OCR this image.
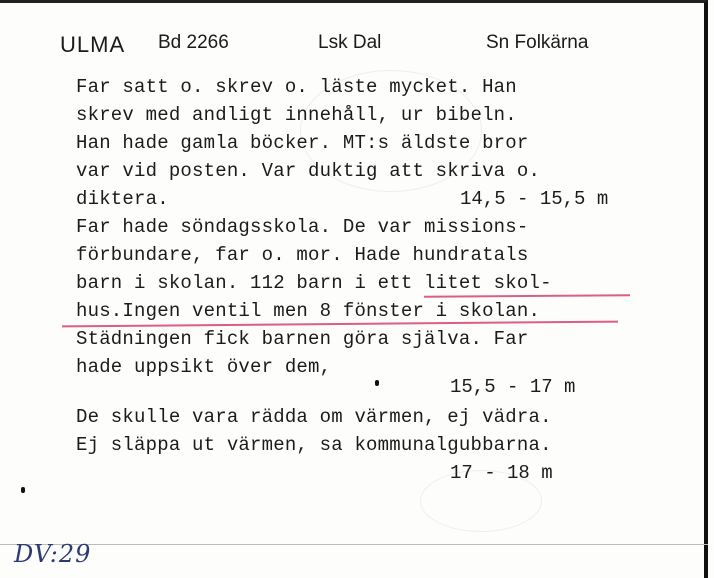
ULMA Bd 2266	Lsk Dal	Sn Folkärna
Far satt o. skrev o. läste mycket. Han
skrev med andligt innehåll, ur bibeln.
Han hade gamla böcker. MT:s äldste bror
var vid posten. Var duktig att skriva o.
diktera.	14,5 - 15,5 m
Far hade söndagsskola. De var missions-
förbundare, far o. mor. Hade hundratals
barn i skolan. 112 barn i ett litet skol-
hus.Ingen ventil men 8 fönster i skolan.
Städningen fick barnen göra själva. Far
hade uppsikt över dem,
15,5 - 17 m
De skulle vara rädda om värmen, ej vädra.
Ej släppa ut värmen, sa kommunalgubbarna.
17 - 18 m
DV:29
